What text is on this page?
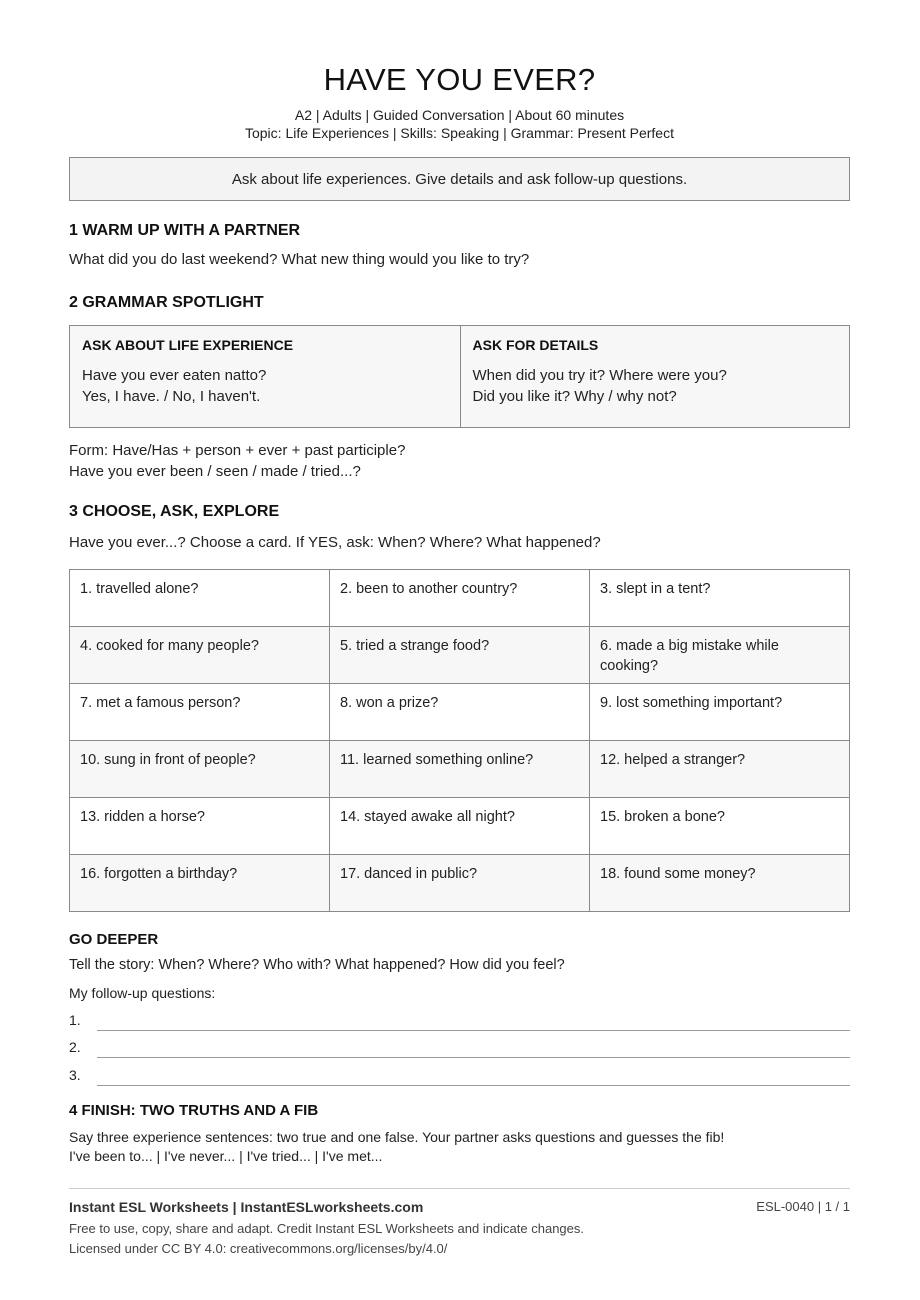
HAVE YOU EVER?
A2 | Adults | Guided Conversation | About 60 minutes
Topic: Life Experiences | Skills: Speaking | Grammar: Present Perfect
Ask about life experiences. Give details and ask follow-up questions.
1 WARM UP WITH A PARTNER
What did you do last weekend? What new thing would you like to try?
2 GRAMMAR SPOTLIGHT
ASK ABOUT LIFE EXPERIENCE
Have you ever eaten natto?
Yes, I have. / No, I haven't.
ASK FOR DETAILS
When did you try it? Where were you?
Did you like it? Why / why not?
Form: Have/Has + person + ever + past participle?
Have you ever been / seen / made / tried...?
3 CHOOSE, ASK, EXPLORE
Have you ever...? Choose a card. If YES, ask: When? Where? What happened?
1. travelled alone?	2. been to another country?	3. slept in a tent?
4. cooked for many people?	5. tried a strange food?	6. made a big mistake while cooking?
7. met a famous person?	8. won a prize?	9. lost something important?
10. sung in front of people?	11. learned something online?	12. helped a stranger?
13. ridden a horse?	14. stayed awake all night?	15. broken a bone?
16. forgotten a birthday?	17. danced in public?	18. found some money?
GO DEEPER
Tell the story: When? Where? Who with? What happened? How did you feel?
My follow-up questions:
1.
2.
3.
4 FINISH: TWO TRUTHS AND A FIB
Say three experience sentences: two true and one false. Your partner asks questions and guesses the fib!
I've been to... | I've never... | I've tried... | I've met...
Instant ESL Worksheets | InstantESLworksheets.com	ESL-0040 | 1 / 1
Free to use, copy, share and adapt. Credit Instant ESL Worksheets and indicate changes.
Licensed under CC BY 4.0: creativecommons.org/licenses/by/4.0/
